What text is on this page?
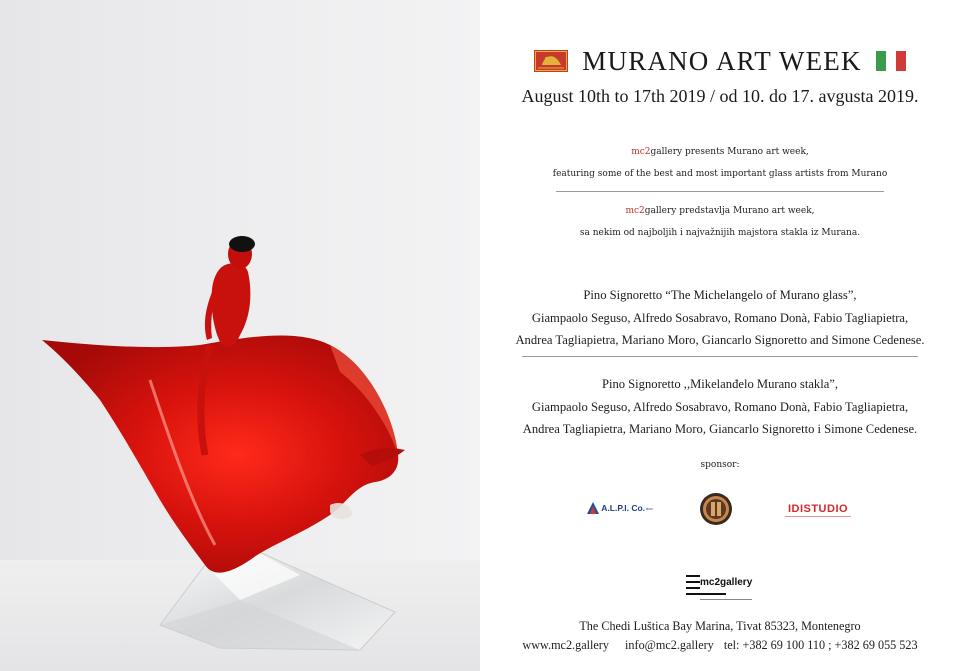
MURANO ART WEEK
August 10th to 17th 2019 / od 10. do 17. avgusta 2019.
mc2gallery presents Murano art week,
featuring some of the best and most important glass artists from Murano
mc2gallery predstavlja Murano art week,
sa nekim od najboljih i najvažnijih majstora stakla iz Murana.
Pino Signoretto “The Michelangelo of Murano glass”,
Giampaolo Seguso, Alfredo Sosabravo, Romano Donà, Fabio Tagliapietra,
Andrea Tagliapietra, Mariano Moro, Giancarlo Signoretto and Simone Cedenese.
Pino Signoretto ,,Mikelanđelo Murano stakla”,
Giampaolo Seguso, Alfredo Sosabravo, Romano Donà, Fabio Tagliapietra,
Andrea Tagliapietra, Mariano Moro, Giancarlo Signoretto i Simone Cedenese.
sponsor:
A.L.P.I. Co. doo	IDISTUDIO
mc2gallery
The Chedi Luštica Bay Marina, Tivat 85323, Montenegro
www.mc2.gallery info@mc2.gallery tel: +382 69 100 110 ; +382 69 055 523
